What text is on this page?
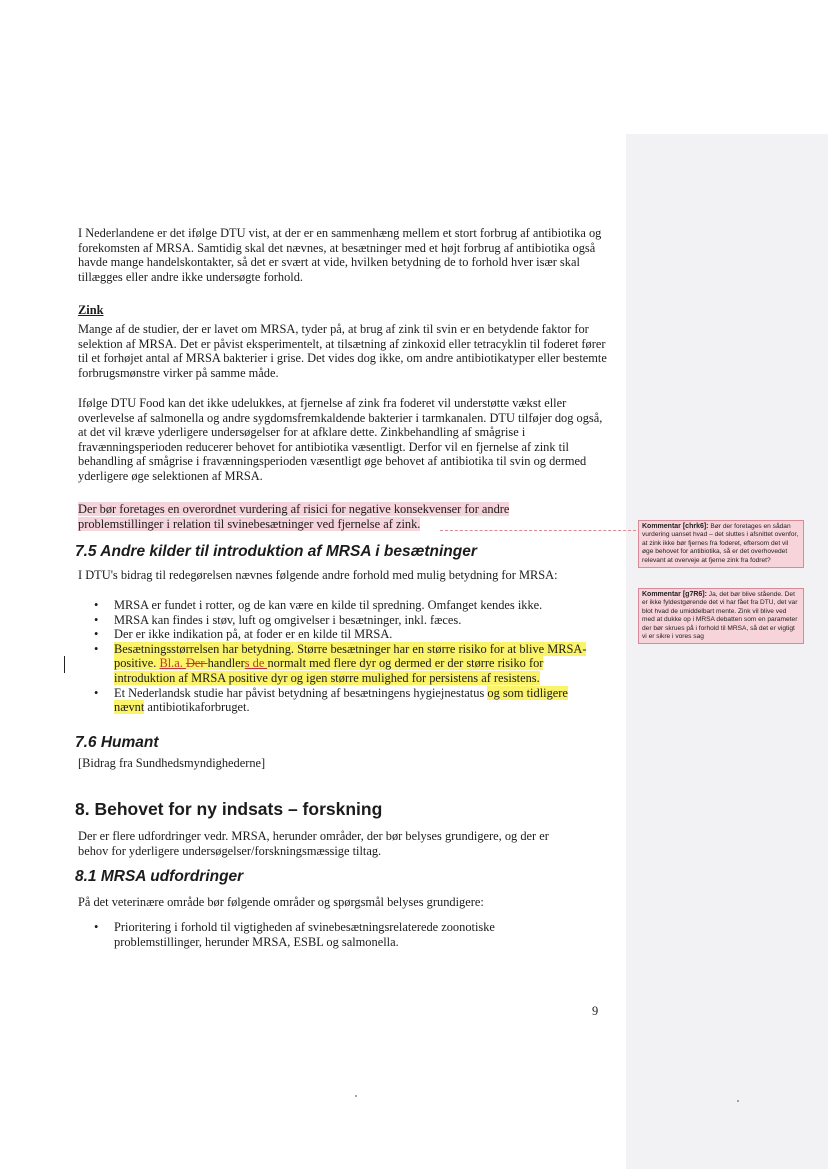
I Nederlandene er det ifølge DTU vist, at der er en sammenhæng mellem et stort forbrug af antibiotika og forekomsten af MRSA. Samtidig skal det nævnes, at besætninger med et højt forbrug af antibiotika også havde mange handelskontakter, så det er svært at vide, hvilken betydning de to forhold hver især skal tillægges eller andre ikke undersøgte forhold.
Zink
Mange af de studier, der er lavet om MRSA, tyder på, at brug af zink til svin er en betydende faktor for selektion af MRSA. Det er påvist eksperimentelt, at tilsætning af zinkoxid eller tetracyklin til foderet fører til et forhøjet antal af MRSA bakterier i grise. Det vides dog ikke, om andre antibiotikatyper eller bestemte forbrugsmønstre virker på samme måde.
Ifølge DTU Food kan det ikke udelukkes, at fjernelse af zink fra foderet vil understøtte vækst eller overlevelse af salmonella og andre sygdomsfremkaldende bakterier i tarmkanalen. DTU tilføjer dog også, at det vil kræve yderligere undersøgelser for at afklare dette. Zinkbehandling af smågrise i fravænningsperioden reducerer behovet for antibiotika væsentligt. Derfor vil en fjernelse af zink til behandling af smågrise i fravænningsperioden væsentligt øge behovet af antibiotika til svin og dermed yderligere øge selektionen af MRSA.
Der bør foretages en overordnet vurdering af risici for negative konsekvenser for andre problemstillinger i relation til svinebesætninger ved fjernelse af zink.
7.5 Andre kilder til introduktion af MRSA i besætninger
I DTU's bidrag til redegørelsen nævnes følgende andre forhold med mulig betydning for MRSA:
• MRSA er fundet i rotter, og de kan være en kilde til spredning. Omfanget kendes ikke.
• MRSA kan findes i støv, luft og omgivelser i besætninger, inkl. fæces.
• Der er ikke indikation på, at foder er en kilde til MRSA.
• Besætningsstørrelsen har betydning. Større besætninger har en større risiko for at blive MRSA-positive. Bl.a. Der handlers de normalt med flere dyr og dermed er der større risiko for introduktion af MRSA positive dyr og igen større mulighed for persistens af resistens.
• Et Nederlandsk studie har påvist betydning af besætningens hygiejnestatus og som tidligere nævnt antibiotikaforbruget.
7.6 Humant
[Bidrag fra Sundhedsmyndighederne]
8. Behovet for ny indsats – forskning
Der er flere udfordringer vedr. MRSA, herunder områder, der bør belyses grundigere, og der er behov for yderligere undersøgelser/forskningsmæssige tiltag.
8.1 MRSA udfordringer
På det veterinære område bør følgende områder og spørgsmål belyses grundigere:
• Prioritering i forhold til vigtigheden af svinebesætningsrelaterede zoonotiske problemstillinger, herunder MRSA, ESBL og salmonella.
Kommentar [chrk6]: Bør der foretages en sådan vurdering uanset hvad – det sluttes i afsnittet ovenfor, at zink ikke bør fjernes fra foderet, eftersom det vil øge behovet for antibiotika, så er det overhovedet relevant at overveje at fjerne zink fra fodret?
Kommentar [g7R6]: Ja, det bør blive stående. Det er ikke fyldestgørende det vi har fået fra DTU, det var blot hvad de umiddelbart mente. Zink vil blive ved med at dukke op i MRSA debatten som en parameter der bør skrues på i forhold til MRSA, så det er vigtigt vi er sikre i vores sag
9
